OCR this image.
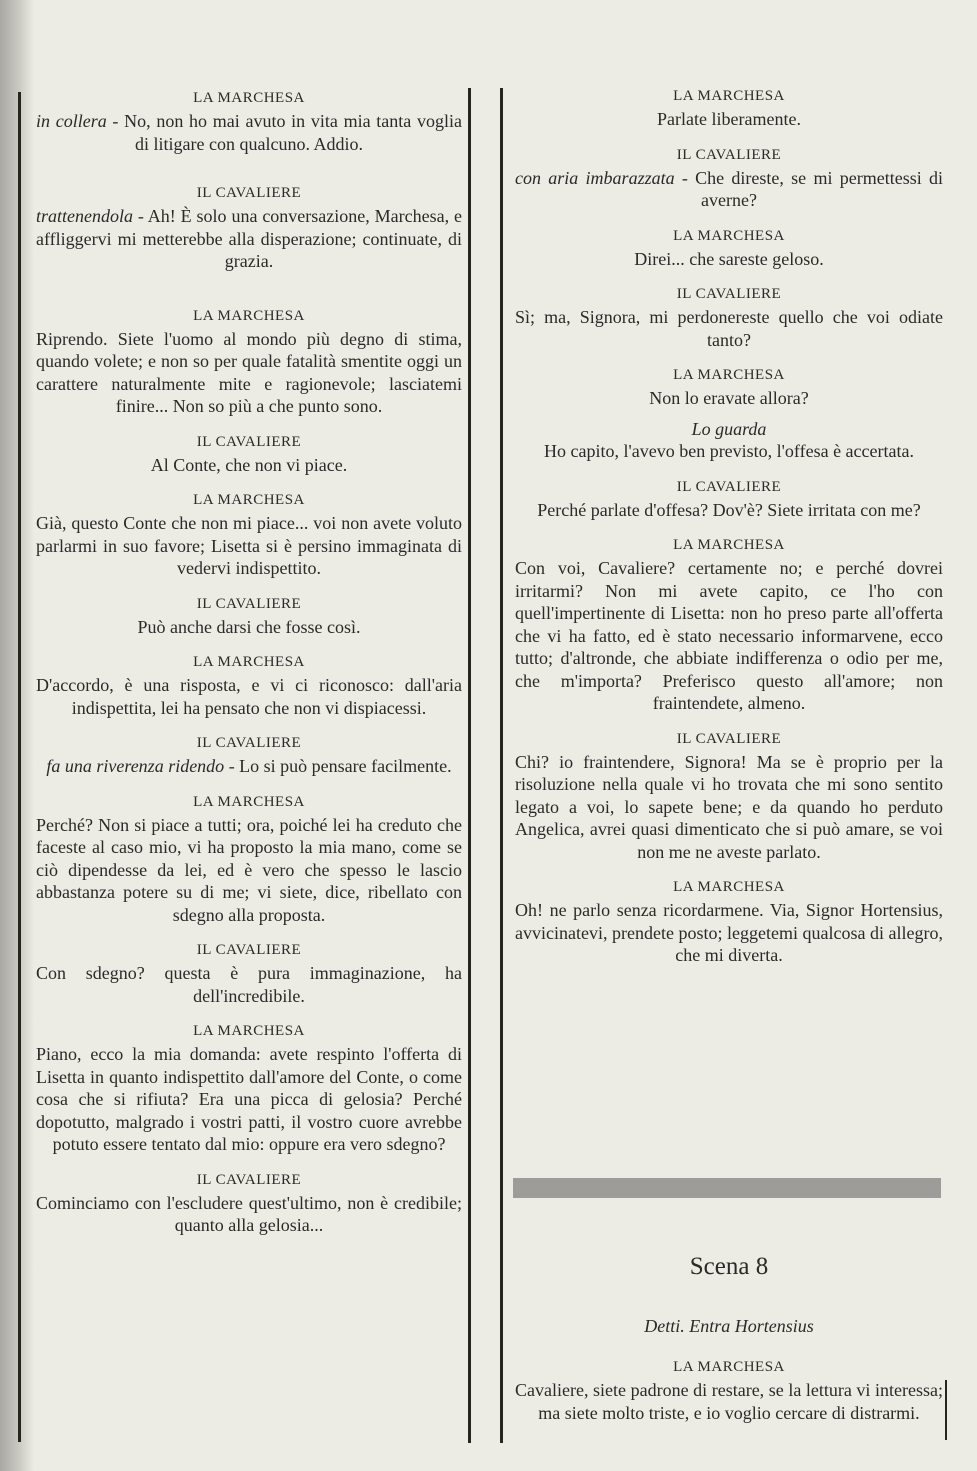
LA MARCHESA

in collera - No, non ho mai avuto in vita mia tanta voglia di litigare con qualcuno. Addio.

IL CAVALIERE

trattenendola - Ah! È solo una conversazione, Marchesa, e affliggervi mi metterebbe alla disperazione; continuate, di grazia.

LA MARCHESA

Riprendo. Siete l'uomo al mondo più degno di stima, quando volete; e non so per quale fatalità smentite oggi un carattere naturalmente mite e ragionevole; lasciatemi finire... Non so più a che punto sono.

IL CAVALIERE

Al Conte, che non vi piace.

LA MARCHESA

Già, questo Conte che non mi piace... voi non avete voluto parlarmi in suo favore; Lisetta si è persino immaginata di vedervi indispettito.

IL CAVALIERE

Può anche darsi che fosse così.

LA MARCHESA

D'accordo, è una risposta, e vi ci riconosco: dall'aria indispettita, lei ha pensato che non vi dispiacessi.

IL CAVALIERE

fa una riverenza ridendo - Lo si può pensare facilmente.

LA MARCHESA

Perché? Non si piace a tutti; ora, poiché lei ha creduto che faceste al caso mio, vi ha proposto la mia mano, come se ciò dipendesse da lei, ed è vero che spesso le lascio abbastanza potere su di me; vi siete, dice, ribellato con sdegno alla proposta.

IL CAVALIERE

Con sdegno? questa è pura immaginazione, ha dell'incredibile.

LA MARCHESA

Piano, ecco la mia domanda: avete respinto l'offerta di Lisetta in quanto indispettito dall'amore del Conte, o come cosa che si rifiuta? Era una picca di gelosia? Perché dopotutto, malgrado i vostri patti, il vostro cuore avrebbe potuto essere tentato dal mio: oppure era vero sdegno?

IL CAVALIERE

Cominciamo con l'escludere quest'ultimo, non è credibile; quanto alla gelosia...

LA MARCHESA

Parlate liberamente.

IL CAVALIERE

con aria imbarazzata - Che direste, se mi permettessi di averne?

LA MARCHESA

Direi... che sareste geloso.

IL CAVALIERE

Sì; ma, Signora, mi perdonereste quello che voi odiate tanto?

LA MARCHESA

Non lo eravate allora?

Lo guarda

Ho capito, l'avevo ben previsto, l'offesa è accertata.

IL CAVALIERE

Perché parlate d'offesa? Dov'è? Siete irritata con me?

LA MARCHESA

Con voi, Cavaliere? certamente no; e perché dovrei irritarmi? Non mi avete capito, ce l'ho con quell'impertinente di Lisetta: non ho preso parte all'offerta che vi ha fatto, ed è stato necessario informarvene, ecco tutto; d'altronde, che abbiate indifferenza o odio per me, che m'importa? Preferisco questo all'amore; non fraintendete, almeno.

IL CAVALIERE

Chi? io fraintendere, Signora! Ma se è proprio per la risoluzione nella quale vi ho trovata che mi sono sentito legato a voi, lo sapete bene; e da quando ho perduto Angelica, avrei quasi dimenticato che si può amare, se voi non me ne aveste parlato.

LA MARCHESA

Oh! ne parlo senza ricordarmene. Via, Signor Hortensius, avvicinatevi, prendete posto; leggetemi qualcosa di allegro, che mi diverta.

Scena 8

Detti. Entra Hortensius

LA MARCHESA

Cavaliere, siete padrone di restare, se la lettura vi interessa; ma siete molto triste, e io voglio cercare di distrarmi.
